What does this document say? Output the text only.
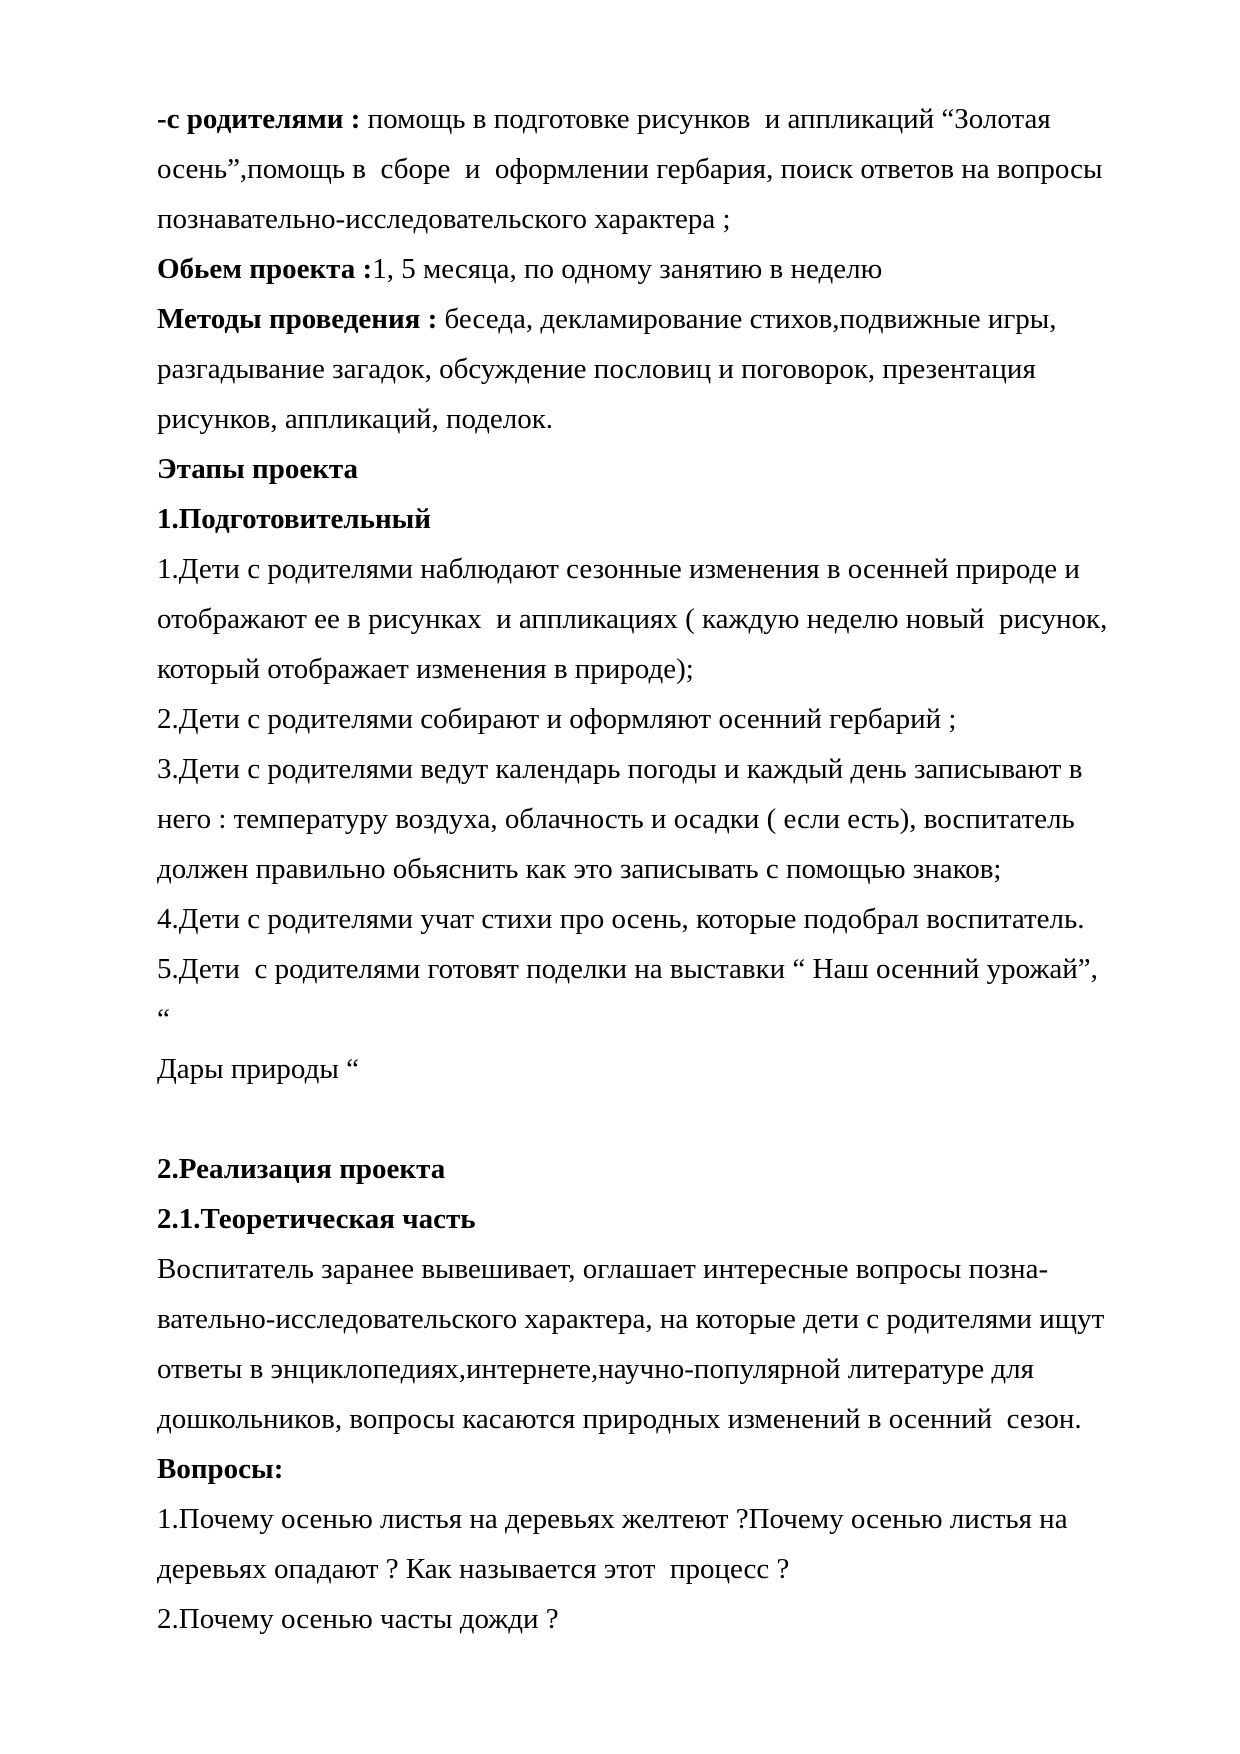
-с родителями : помощь в подготовке рисунков  и аппликаций “Золотая
осень”,помощь в  сборе  и  оформлении гербария, поиск ответов на вопросы
познавательно-исследовательского характера ;
Обьем проекта :1, 5 месяца, по одному занятию в неделю
Методы проведения : беседа, декламирование стихов,подвижные игры,
разгадывание загадок, обсуждение пословиц и поговорок, презентация
рисунков, аппликаций, поделок.
Этапы проекта
1.Подготовительный
1.Дети с родителями наблюдают сезонные изменения в осенней природе и
отображают ее в рисунках  и аппликациях ( каждую неделю новый  рисунок,
который отображает изменения в природе);
2.Дети с родителями собирают и оформляют осенний гербарий ;
3.Дети с родителями ведут календарь погоды и каждый день записывают в
него : температуру воздуха, облачность и осадки ( если есть), воспитатель
должен правильно обьяснить как это записывать с помощью знаков;
4.Дети с родителями учат стихи про осень, которые подобрал воспитатель.
5.Дети  с родителями готовят поделки на выставки “ Наш осенний урожай”, “
Дары природы “
2.Реализация проекта
2.1.Теоретическая часть
Воспитатель заранее вывешивает, оглашает интересные вопросы позна-
вательно-исследовательского характера, на которые дети с родителями ищут
ответы в энциклопедиях,интернете,научно-популярной литературе для
дошкольников, вопросы касаются природных изменений в осенний  сезон.
Вопросы:
1.Почему осенью листья на деревьях желтеют ?Почему осенью листья на
деревьях опадают ? Как называется этот  процесс ?
2.Почему осенью часты дожди ?
